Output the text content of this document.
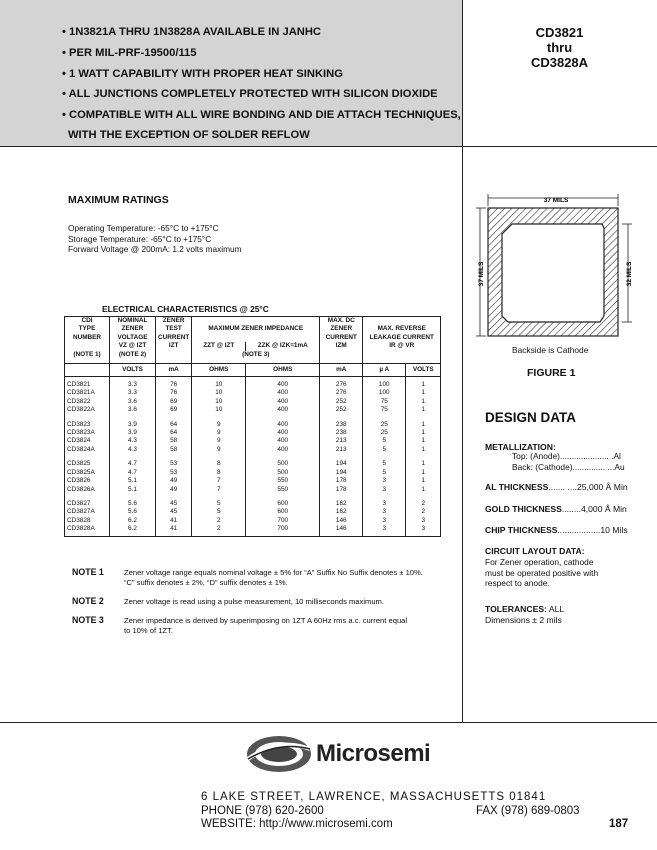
• 1N3821A THRU 1N3828A AVAILABLE IN JANHC
• PER MIL-PRF-19500/115
• 1 WATT CAPABILITY WITH PROPER HEAT SINKING
• ALL JUNCTIONS COMPLETELY PROTECTED WITH SILICON DIOXIDE
• COMPATIBLE WITH ALL WIRE BONDING AND DIE ATTACH TECHNIQUES,
WITH THE EXCEPTION OF SOLDER REFLOW
CD3821
thru
CD3828A
MAXIMUM RATINGS
Operating Temperature: -65°C to +175°C
Storage Temperature: -65°C to +175°C
Forward Voltage @ 200mA: 1.2 volts maximum
ELECTRICAL CHARACTERISTICS @ 25°C
CDI	NOMINAL	ZENER			MAX. DC		
TYPE	ZENER	TEST	MAXIMUM ZENER IMPEDANCE		ZENER	MAX. REVERSE	
NUMBER	VOLTAGE	CURRENT			CURRENT	LEAKAGE CURRENT	
	VZ @ IZT	IZT	ZZT @ IZT	ZZK @ IZK=1mA	IZM	IR @ VR	
(NOTE 1)	(NOTE 2)		(NOTE 3)				
	VOLTS	mA	OHMS	OHMS	mA	µ A	VOLTS
CD3821	3.3	76	10	400	276	100	1
CD3821A	3.3	76	10	400	276	100	1
CD3822	3.6	69	10	400	252	75	1
CD3822A	3.6	69	10	400	252	75	1
CD3823	3.9	64	9	400	238	25	1
CD3823A	3.9	64	9	400	238	25	1
CD3824	4.3	58	9	400	213	5	1
CD3824A	4.3	58	9	400	213	5	1
CD3825	4.7	53	8	500	194	5	1
CD3825A	4.7	53	8	500	194	5	1
CD3826	5.1	49	7	550	178	3	1
CD3826A	5.1	49	7	550	178	3	1
CD3827	5.6	45	5	600	162	3	2
CD3827A	5.6	45	5	600	162	3	2
CD3828	6.2	41	2	700	146	3	3
CD3828A	6.2	41	2	700	146	3	3
NOTE 1	Zener voltage range equals nominal voltage ± 5% for “A” Suffix No Suffix denotes ± 10%.
“C” suffix denotes ± 2%, “D” suffix denotes ± 1%.
NOTE 2	Zener voltage is read using a pulse measurement, 10 milliseconds maximum.
NOTE 3	Zener impedance is derived by superimposing on 1ZT A 60Hz rms a.c. current equal
to 10% of 1ZT.
37 MILS
37 MILS	32 MILS
Backside is Cathode
FIGURE 1
DESIGN DATA
METALLIZATION:
Top: (Anode)..................... .Al
Back: (Cathode).............. ...Au
AL THICKNESS....... ....25,000 Å Min
GOLD THICKNESS........4,000 Å Min
CHIP THICKNESS..................10 Mils
CIRCUIT LAYOUT DATA:
For Zener operation, cathode
must be operated positive with
respect to anode.
TOLERANCES: ALL
Dimensions ± 2 mils
Microsemi
6 LAKE STREET, LAWRENCE, MASSACHUSETTS 01841
PHONE (978) 620-2600	FAX (978) 689-0803
WEBSITE: http://www.microsemi.com	187
